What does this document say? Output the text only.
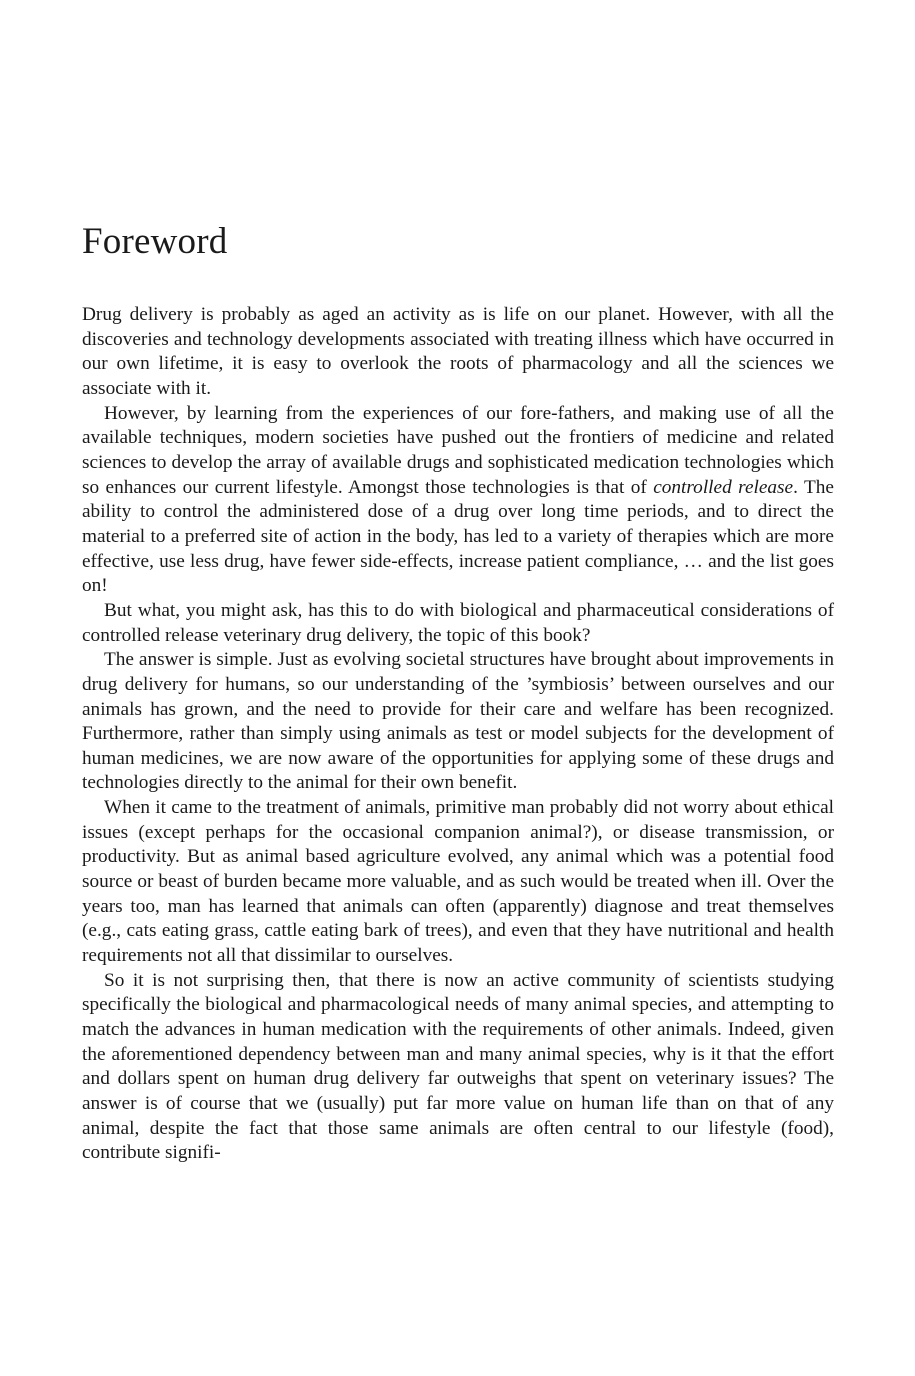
Foreword

Drug delivery is probably as aged an activity as is life on our planet. However, with all the discoveries and technology developments associated with treating illness which have occurred in our own lifetime, it is easy to overlook the roots of pharmacology and all the sciences we associate with it.

However, by learning from the experiences of our fore-fathers, and making use of all the available techniques, modern societies have pushed out the frontiers of medicine and related sciences to develop the array of available drugs and sophisticated medication technologies which so enhances our current lifestyle. Amongst those technologies is that of controlled release. The ability to control the administered dose of a drug over long time periods, and to direct the material to a preferred site of action in the body, has led to a variety of therapies which are more effective, use less drug, have fewer side-effects, increase patient compliance, … and the list goes on!

But what, you might ask, has this to do with biological and pharmaceutical considerations of controlled release veterinary drug delivery, the topic of this book?

The answer is simple. Just as evolving societal structures have brought about improvements in drug delivery for humans, so our understanding of the ’symbiosis’ between ourselves and our animals has grown, and the need to provide for their care and welfare has been recognized. Furthermore, rather than simply using animals as test or model subjects for the development of human medicines, we are now aware of the opportunities for applying some of these drugs and technologies directly to the animal for their own benefit.

When it came to the treatment of animals, primitive man probably did not worry about ethical issues (except perhaps for the occasional companion animal?), or disease transmission, or productivity. But as animal based agriculture evolved, any animal which was a potential food source or beast of burden became more valuable, and as such would be treated when ill. Over the years too, man has learned that animals can often (apparently) diagnose and treat themselves (e.g., cats eating grass, cattle eating bark of trees), and even that they have nutritional and health requirements not all that dissimilar to ourselves.

So it is not surprising then, that there is now an active community of scientists studying specifically the biological and pharmacological needs of many animal species, and attempting to match the advances in human medication with the requirements of other animals. Indeed, given the aforementioned dependency between man and many animal species, why is it that the effort and dollars spent on human drug delivery far outweighs that spent on veterinary issues? The answer is of course that we (usually) put far more value on human life than on that of any animal, despite the fact that those same animals are often central to our lifestyle (food), contribute signifi-
